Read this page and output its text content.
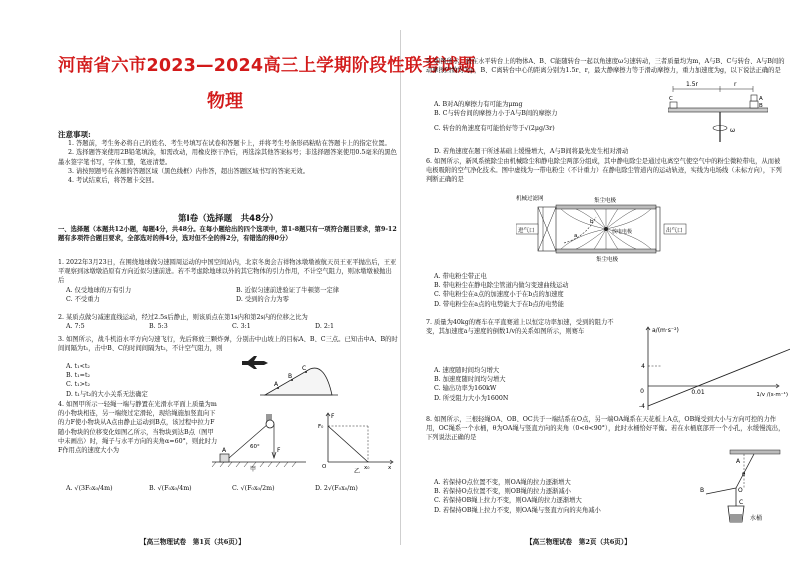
河南省六市2023—2024高三上学期阶段性联考试题
物理
注意事项:
1. 答题前，考生务必将自己的姓名、考生号填写在试卷和答题卡上，并将考生号条形码粘贴在答题卡上的指定位置。
2. 选择题答案使用2B铅笔填涂，如需改动，用橡皮擦干净后，再选涂其他答案标号；非选择题答案使用0.5毫米的黑色墨水签字笔书写，字体工整，笔迹清楚。
3. 请按照题号在各题的答题区域（黑色线框）内作答，超出答题区域书写的答案无效。
4. 考试结束后，将答题卡交回。
第Ⅰ卷（选择题　共48分）
一、选择题（本题共12小题，每题4分，共48分。在每小题给出的四个选项中，第1-8题只有一项符合题目要求，第9-12题有多项符合题目要求，全部选对的得4分，选对但不全的得2分，有错选的得0分）
1. 2022年3月23日，在围绕地球做匀速圆周运动的中国空间站内，北京冬奥会吉祥物冰墩墩被航天员王亚平抛出后，王亚平观察到冰墩墩沿原有方向近似匀速前进。若不考虑除地球以外的其它物体的引力作用，不计空气阻力，则冰墩墩被抛出后
A. 仅受地球的万有引力	B. 近似匀速前进验证了牛顿第一定律
C. 不受重力	D. 受到的合力为零
2. 某质点做匀减速直线运动，经过2.5s后静止，则该质点在第1s内和第2s内的位移之比为
A. 7:5	B. 5:3	C. 3:1	D. 2:1
3. 如图所示，战斗机沿水平方向匀速飞行，先后释放三颗炸弹，分别击中山坡上的目标A、B、C三点。已知击中A、B的时间间隔为t₁，击中B、C的时间间隔为t₂，不计空气阻力，则
A. t₁<t₂
B. t₁=t₂
C. t₁>t₂
D. t₁与t₂的大小关系无法确定
A
B
C
4. 如图甲所示一轻绳一端与静置在光滑水平面上质量为m的小物块相连，另一端绕过定滑轮，现给绳施加竖直向下的力F使小物块从A点由静止运动到B点，该过程中拉力F随小物块的位移变化如图乙所示，当物块到达B点（图甲中未画出）时，绳子与水平方向的夹角α=60°，则此时力F作用点的速度大小为	F
60°
A
甲
F
F₀
O	x₀	x
乙
A. √(3F₀x₀/4m)	B. √(F₀x₀/4m)	C. √(F₀x₀/2m)	D. 2√(F₀x₀/m)
【高三物理试卷　第1页（共6页）】
5. 如图所示，放在水平转台上的物体A、B、C能随转台一起以角速度ω匀速转动，三者质量均为m，A与B、C与转台、A与B间的动摩擦因数均为μ，B、C离转台中心的距离分别为1.5r、r，最大静摩擦力等于滑动摩擦力，重力加速度为g，以下说法正确的是
A. B对A的摩擦力有可能为μmg
B. C与转台间的摩擦力小于A与B间的摩擦力
C. 转台的角速度有可能恰好等于√(2μg/3r)
1.5r	r
A
B
C
ω
D. 若角速度在题干所述基础上缓慢增大，A与B间将最先发生相对滑动
6. 如图所示，新风系统除尘由机械除尘和静电除尘两部分组成，其中静电除尘是通过电离空气使空气中的粉尘微粒带电，从而被电极吸附的空气净化技术。图中虚线为一带电粉尘（不计重力）在静电除尘管道内的运动轨迹，实线为电场线（未标方向），下列判断正确的是
机械过滤网	集尘电极
a
b
进气口	出气口
放电电极
集尘电极
A. 带电粉尘带正电
B. 带电粉尘在静电除尘管道内做匀变速曲线运动
C. 带电粉尘在a点的加速度小于在b点的加速度
D. 带电粉尘在a点的电势能大于在b点的电势能
7. 质量为40kg的赛车在平直赛道上以恒定功率加速，受到的阻力不变，其加速度a与速度的倒数1/v的关系如图所示，则赛车
A. 速度随时间均匀增大
B. 加速度随时间均匀增大
C. 输出功率为160kW
D. 所受阻力大小为1600N
a/(m·s⁻²)
4
-4
0	0.01	1/v /(s·m⁻¹)
8. 如图所示，三根轻绳OA、OB、OC共于一端结系在O点，另一端OA绳系在天花板上A点，OB绳受到大小与方向可控的力作用，OC绳系一个水桶，θ为OA绳与竖直方向的夹角（0<θ<90°），此时水桶恰好平衡。若在水桶底部开一个小孔，水缓慢流出，下列说法正确的是
A. 若保持O点位置不变，则OA绳的拉力逐渐增大
B. 若保持O点位置不变，则OB绳的拉力逐渐减小
C. 若保持OB绳上拉力不变，则OA绳的拉力逐渐增大
D. 若保持OB绳上拉力不变，则OA绳与竖直方向的夹角减小
A
θ
B	O
C
水桶
【高三物理试卷　第2页（共6页）】
